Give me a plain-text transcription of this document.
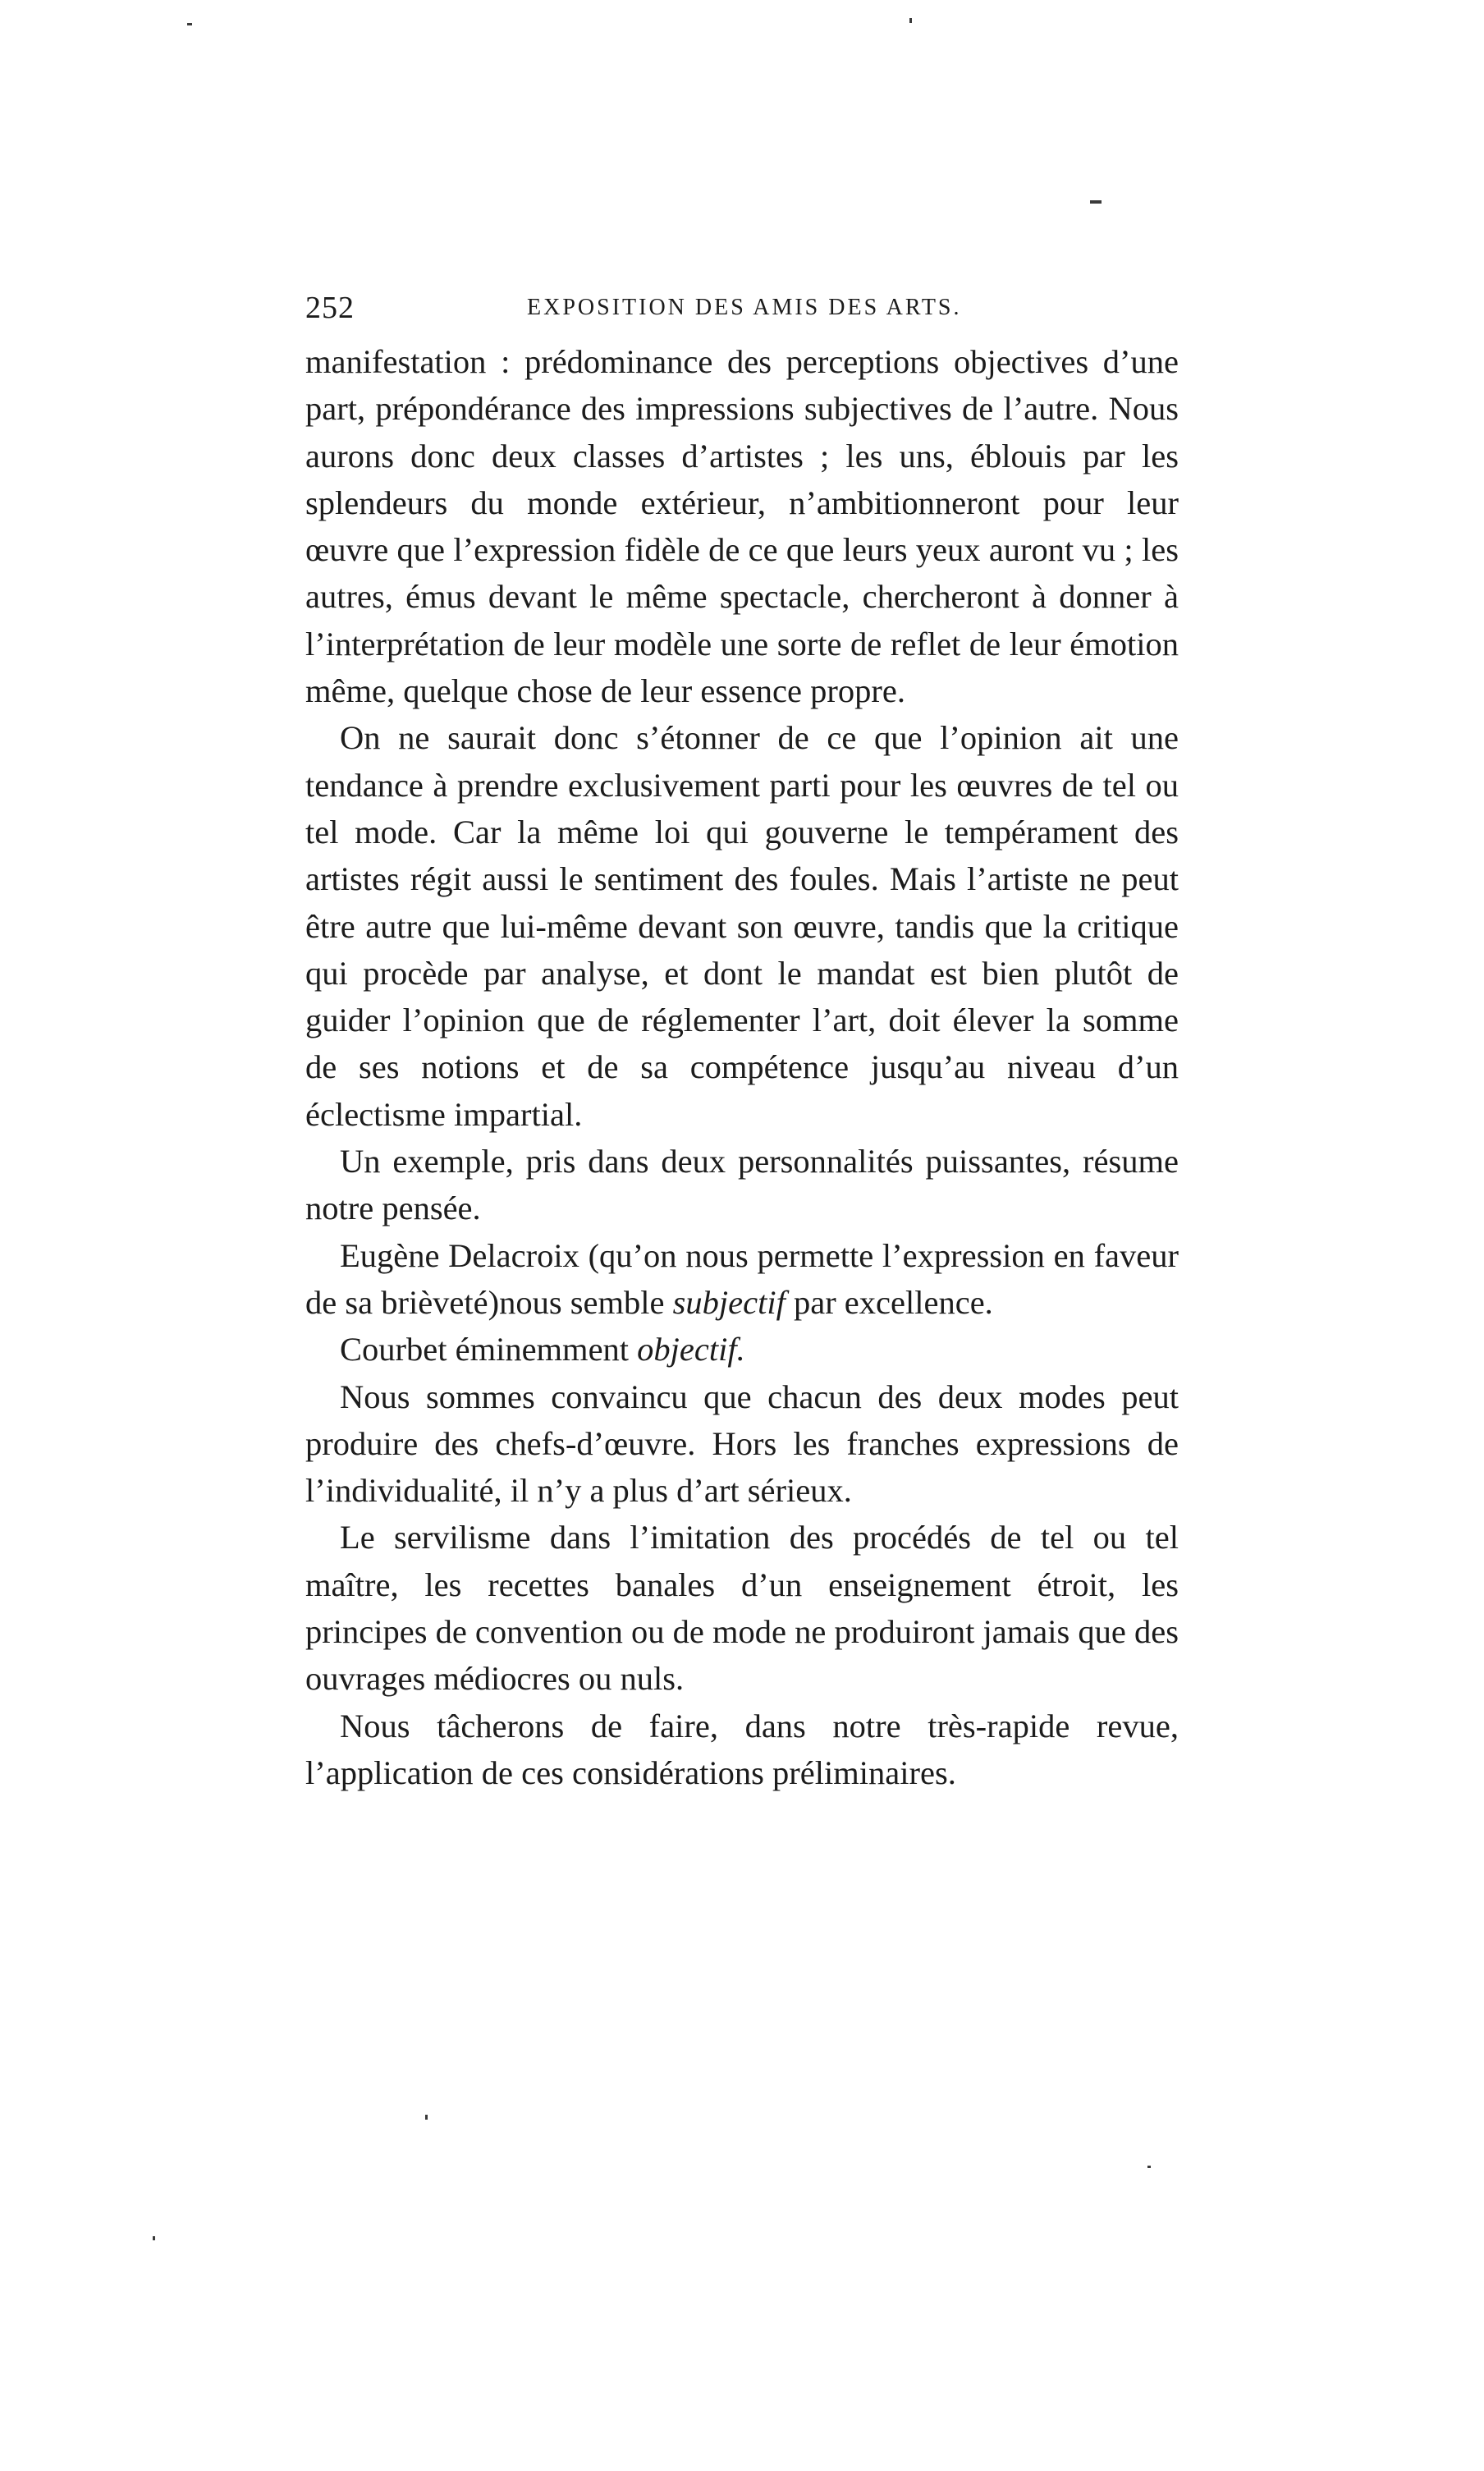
252	EXPOSITION DES AMIS DES ARTS.

manifestation : prédominance des perceptions objectives d’une part, prépondérance des impressions subjectives de l’autre. Nous aurons donc deux classes d’artistes ; les uns, éblouis par les splendeurs du monde extérieur, n’ambitionneront pour leur œuvre que l’expression fidèle de ce que leurs yeux auront vu ; les autres, émus devant le même spectacle, chercheront à donner à l’interprétation de leur modèle une sorte de reflet de leur émotion même, quelque chose de leur essence propre.

On ne saurait donc s’étonner de ce que l’opinion ait une tendance à prendre exclusivement parti pour les œuvres de tel ou tel mode. Car la même loi qui gouverne le tempérament des artistes régit aussi le sentiment des foules. Mais l’artiste ne peut être autre que lui-même devant son œuvre, tandis que la critique qui procède par analyse, et dont le mandat est bien plutôt de guider l’opinion que de réglementer l’art, doit élever la somme de ses notions et de sa compétence jusqu’au niveau d’un éclectisme impartial.

Un exemple, pris dans deux personnalités puissantes, résume notre pensée.

Eugène Delacroix (qu’on nous permette l’expression en faveur de sa brièveté)nous semble subjectif par excellence.

Courbet éminemment objectif.

Nous sommes convaincu que chacun des deux modes peut produire des chefs-d’œuvre. Hors les franches expressions de l’individualité, il n’y a plus d’art sérieux.

Le servilisme dans l’imitation des procédés de tel ou tel maître, les recettes banales d’un enseignement étroit, les principes de convention ou de mode ne produiront jamais que des ouvrages médiocres ou nuls.

Nous tâcherons de faire, dans notre très-rapide revue, l’application de ces considérations préliminaires.
